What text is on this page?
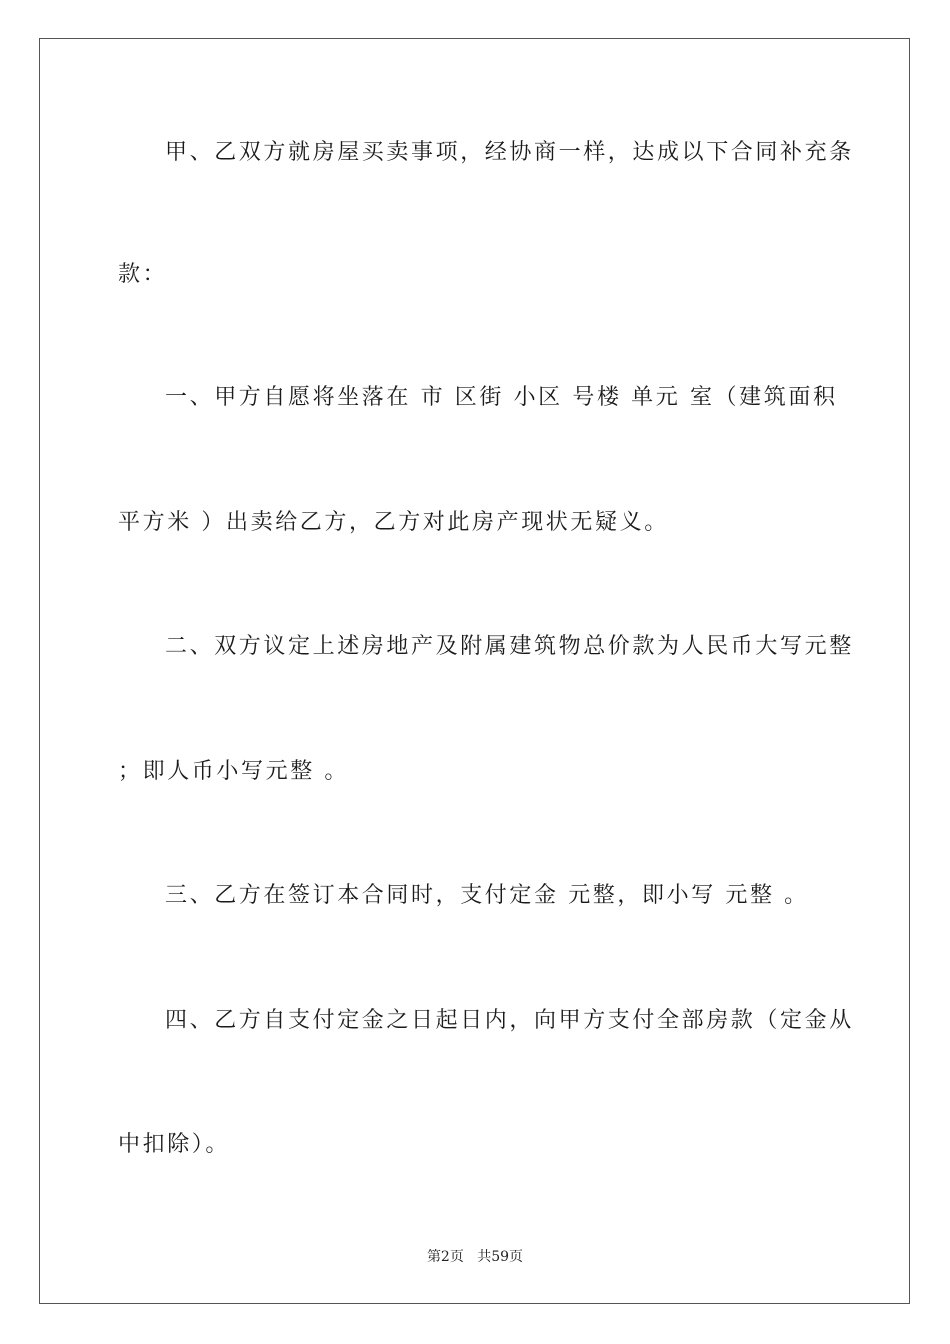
甲、乙双方就房屋买卖事项，经协商一样，达成以下合同补充条
款：
一、甲方自愿将坐落在 市 区街 小区 号楼 单元 室（建筑面积
平方米 ）出卖给乙方，乙方对此房产现状无疑义。
二、双方议定上述房地产及附属建筑物总价款为人民币大写元整
；即人币小写元整 。
三、乙方在签订本合同时，支付定金 元整，即小写 元整 。
四、乙方自支付定金之日起日内，向甲方支付全部房款（定金从
中扣除）。
第2页 共59页
